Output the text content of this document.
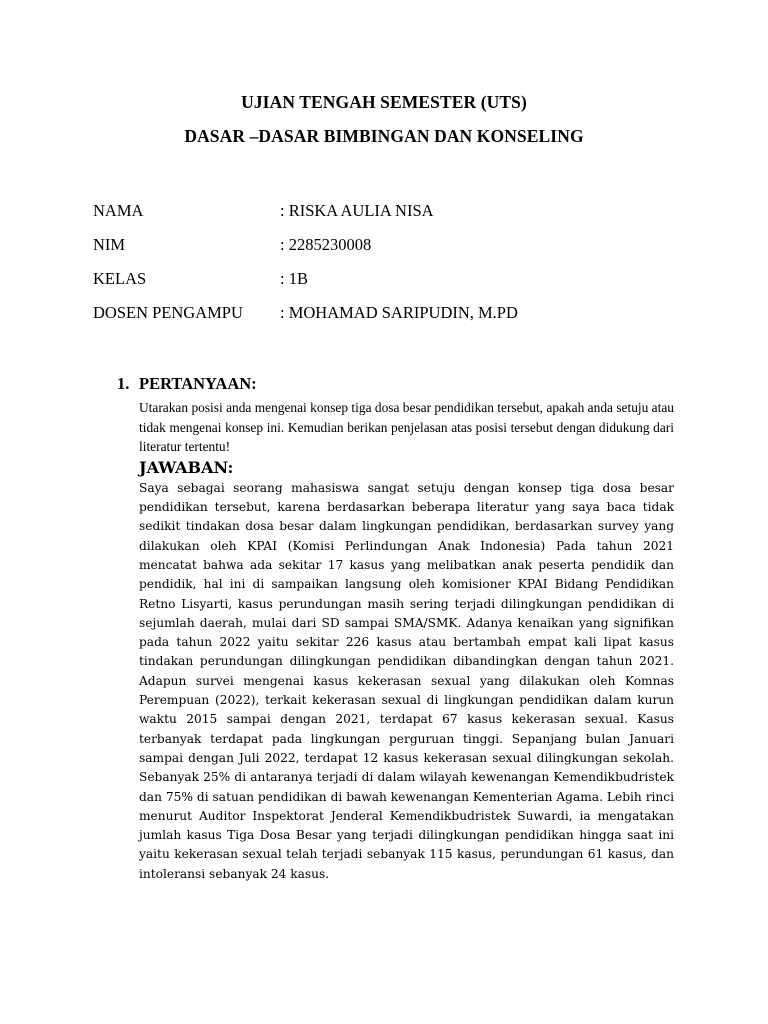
UJIAN TENGAH SEMESTER (UTS)
DASAR –DASAR BIMBINGAN DAN KONSELING
NAMA	: RISKA AULIA NISA
NIM	: 2285230008
KELAS	: 1B
DOSEN PENGAMPU : MOHAMAD SARIPUDIN, M.PD
1. PERTANYAAN:
Utarakan posisi anda mengenai konsep tiga dosa besar pendidikan tersebut, apakah anda setuju atau tidak mengenai konsep ini. Kemudian berikan penjelasan atas posisi tersebut dengan didukung dari literatur tertentu!
JAWABAN:
Saya sebagai seorang mahasiswa sangat setuju dengan konsep tiga dosa besar pendidikan tersebut, karena berdasarkan beberapa literatur yang saya baca tidak sedikit tindakan dosa besar dalam lingkungan pendidikan, berdasarkan survey yang dilakukan oleh KPAI (Komisi Perlindungan Anak Indonesia) Pada tahun 2021 mencatat bahwa ada sekitar 17 kasus yang melibatkan anak peserta pendidik dan pendidik, hal ini di sampaikan langsung oleh komisioner KPAI Bidang Pendidikan Retno Lisyarti, kasus perundungan masih sering terjadi dilingkungan pendidikan di sejumlah daerah, mulai dari SD sampai SMA/SMK. Adanya kenaikan yang signifikan pada tahun 2022 yaitu sekitar 226 kasus atau bertambah empat kali lipat kasus tindakan perundungan dilingkungan pendidikan dibandingkan dengan tahun 2021. Adapun survei mengenai kasus kekerasan sexual yang dilakukan oleh Komnas Perempuan (2022), terkait kekerasan sexual di lingkungan pendidikan dalam kurun waktu 2015 sampai dengan 2021, terdapat 67 kasus kekerasan sexual. Kasus terbanyak terdapat pada lingkungan perguruan tinggi. Sepanjang bulan Januari sampai dengan Juli 2022, terdapat 12 kasus kekerasan sexual dilingkungan sekolah. Sebanyak 25% di antaranya terjadi di dalam wilayah kewenangan Kemendikbudristek dan 75% di satuan pendidikan di bawah kewenangan Kementerian Agama. Lebih rinci menurut Auditor Inspektorat Jenderal Kemendikbudristek Suwardi, ia mengatakan jumlah kasus Tiga Dosa Besar yang terjadi dilingkungan pendidikan hingga saat ini yaitu kekerasan sexual telah terjadi sebanyak 115 kasus, perundungan 61 kasus, dan intoleransi sebanyak 24 kasus.
